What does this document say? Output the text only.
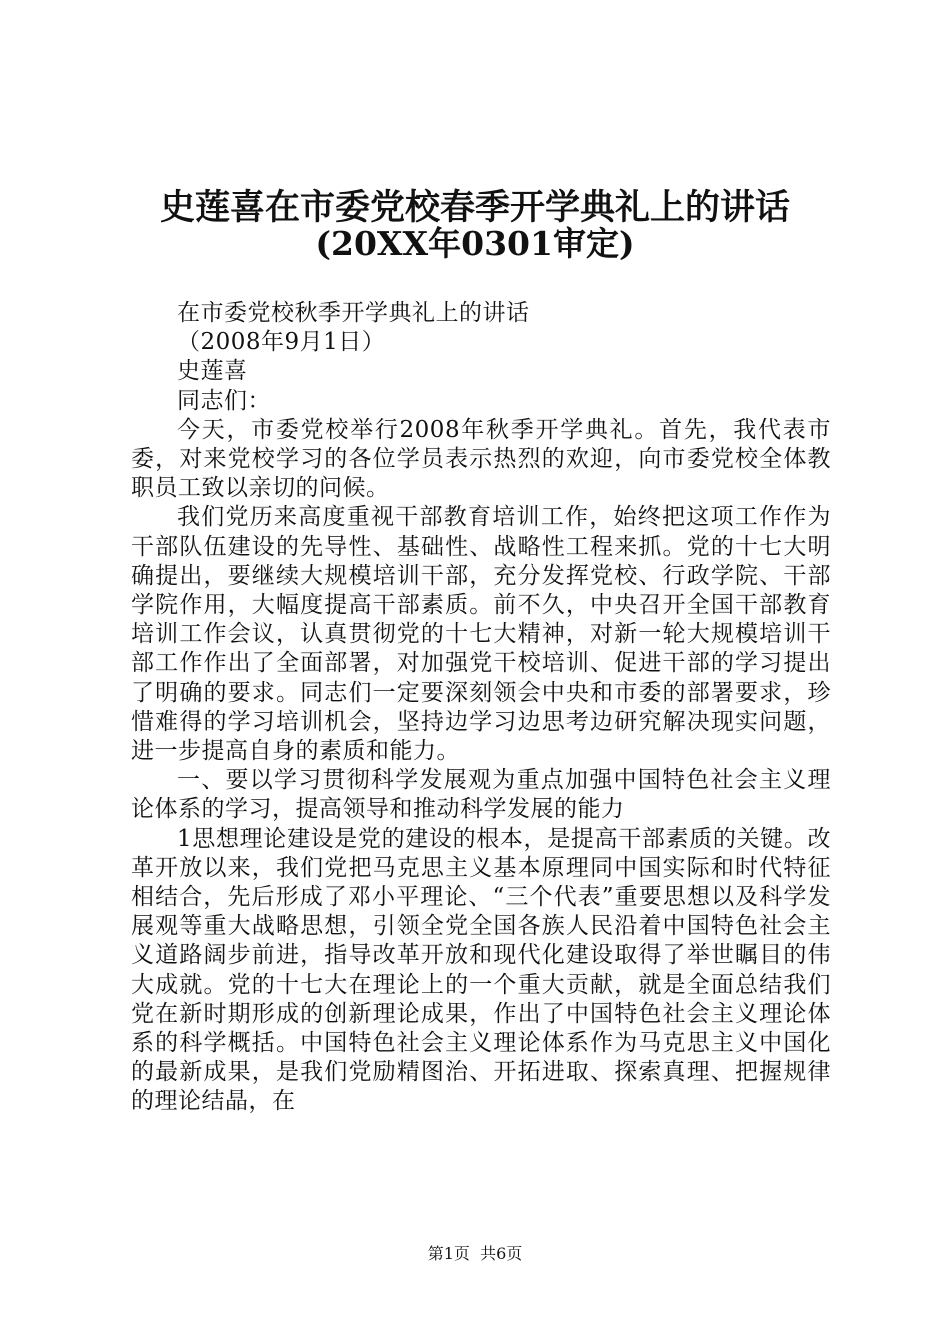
史莲喜在市委党校春季开学典礼上的讲话
(20XX年0301审定)

在市委党校秋季开学典礼上的讲话

（2008年9月1日）

史莲喜

同志们：

今天，市委党校举行2008年秋季开学典礼。首先，我代表市委，对来党校学习的各位学员表示热烈的欢迎，向市委党校全体教职员工致以亲切的问候。

我们党历来高度重视干部教育培训工作，始终把这项工作作为干部队伍建设的先导性、基础性、战略性工程来抓。党的十七大明确提出，要继续大规模培训干部，充分发挥党校、行政学院、干部学院作用，大幅度提高干部素质。前不久，中央召开全国干部教育培训工作会议，认真贯彻党的十七大精神，对新一轮大规模培训干部工作作出了全面部署，对加强党干校培训、促进干部的学习提出了明确的要求。同志们一定要深刻领会中央和市委的部署要求，珍惜难得的学习培训机会，坚持边学习边思考边研究解决现实问题，进一步提高自身的素质和能力。

一、要以学习贯彻科学发展观为重点加强中国特色社会主义理论体系的学习，提高领导和推动科学发展的能力

1思想理论建设是党的建设的根本，是提高干部素质的关键。改革开放以来，我们党把马克思主义基本原理同中国实际和时代特征相结合，先后形成了邓小平理论、“三个代表”重要思想以及科学发展观等重大战略思想，引领全党全国各族人民沿着中国特色社会主义道路阔步前进，指导改革开放和现代化建设取得了举世瞩目的伟大成就。党的十七大在理论上的一个重大贡献，就是全面总结我们党在新时期形成的创新理论成果，作出了中国特色社会主义理论体系的科学概括。中国特色社会主义理论体系作为马克思主义中国化的最新成果，是我们党励精图治、开拓进取、探索真理、把握规律的理论结晶，在

第1页  共6页
